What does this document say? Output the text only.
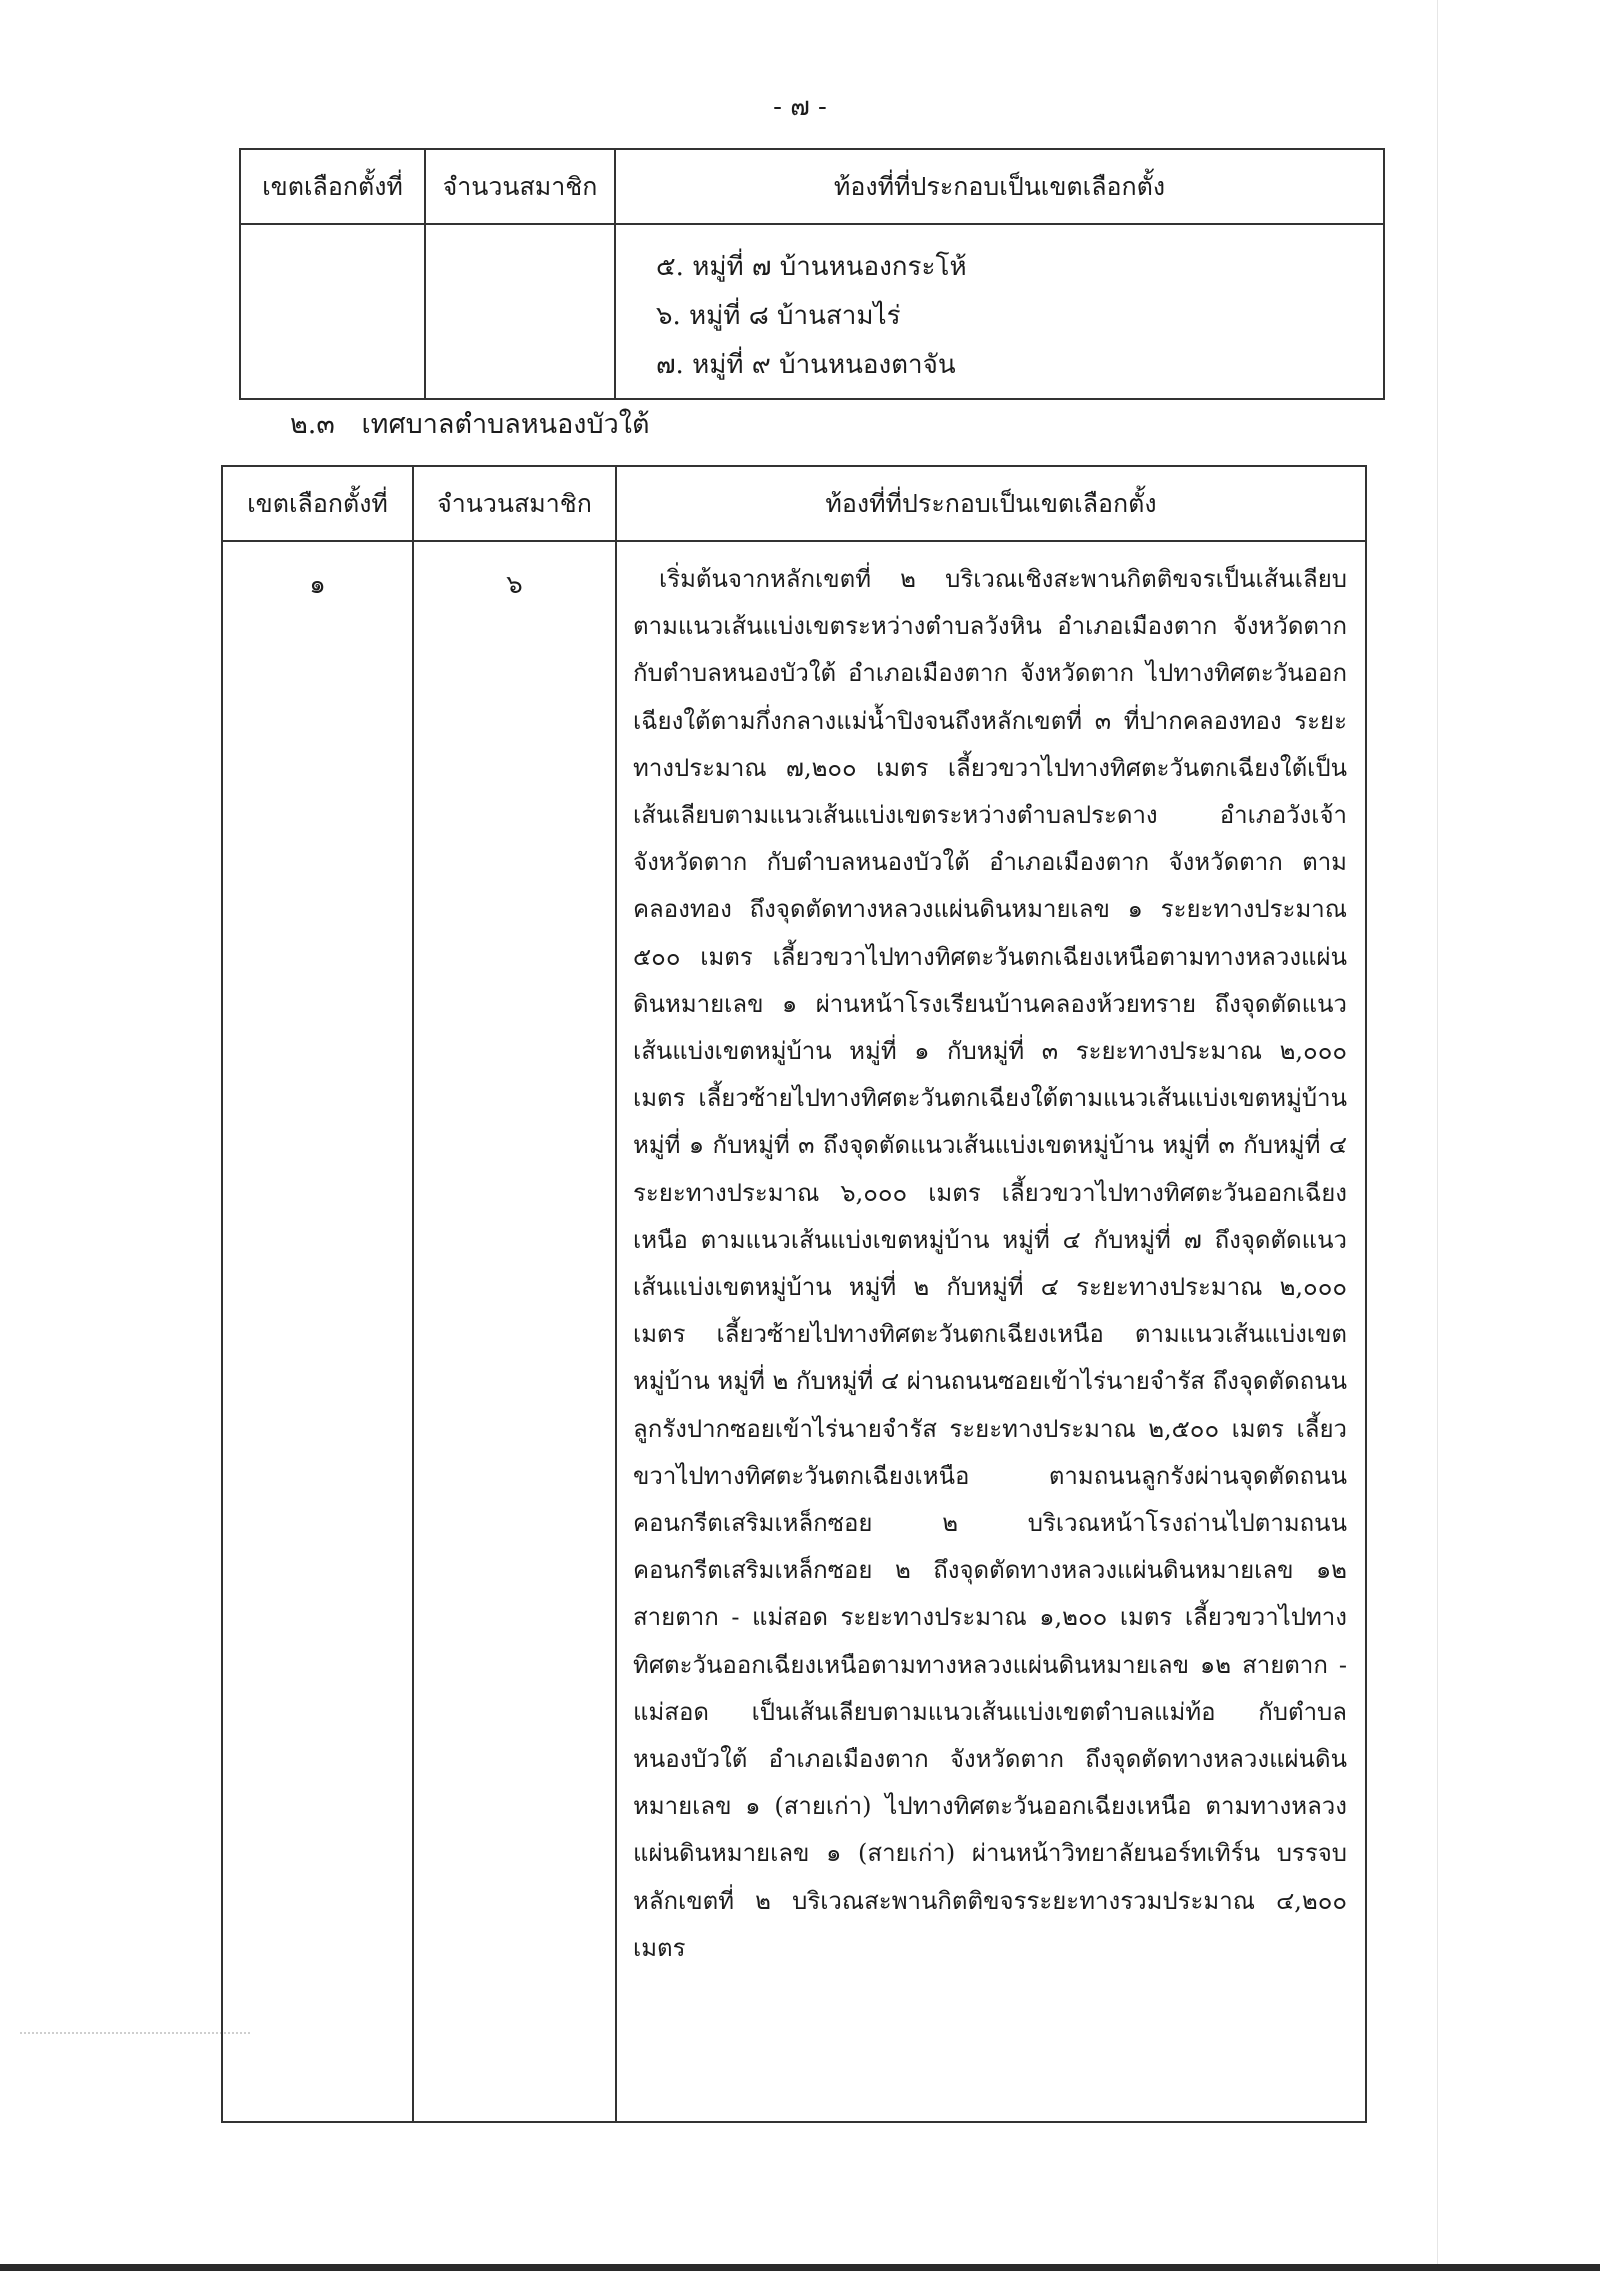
- ๗ -
เขตเลือกตั้งที่	จำนวนสมาชิก	ท้องที่ที่ประกอบเป็นเขตเลือกตั้ง

		๕. หมู่ที่ ๗ บ้านหนองกระโห้
๖. หมู่ที่ ๘ บ้านสามไร่
๗. หมู่ที่ ๙ บ้านหนองตาจัน
๒.๓ เทศบาลตำบลหนองบัวใต้
เขตเลือกตั้งที่	จำนวนสมาชิก	ท้องที่ที่ประกอบเป็นเขตเลือกตั้ง
๑	๖	เริ่มต้นจากหลักเขตที่ ๒ บริเวณเชิงสะพานกิตติขจรเป็นเส้นเลียบตามแนวเส้นแบ่งเขตระหว่างตำบลวังหิน อำเภอเมืองตาก จังหวัดตาก กับตำบลหนองบัวใต้ อำเภอเมืองตาก จังหวัดตาก ไปทางทิศตะวันออกเฉียงใต้ตามกึ่งกลางแม่น้ำปิงจนถึงหลักเขตที่ ๓ ที่ปากคลองทอง ระยะทางประมาณ ๗,๒๐๐ เมตร เลี้ยวขวาไปทางทิศตะวันตกเฉียงใต้เป็นเส้นเลียบตามแนวเส้นแบ่งเขตระหว่างตำบลประดาง อำเภอวังเจ้า จังหวัดตาก กับตำบลหนองบัวใต้ อำเภอเมืองตาก จังหวัดตาก ตามคลองทอง ถึงจุดตัดทางหลวงแผ่นดินหมายเลข ๑ ระยะทางประมาณ ๕๐๐ เมตร เลี้ยวขวาไปทางทิศตะวันตกเฉียงเหนือตามทางหลวงแผ่นดินหมายเลข ๑ ผ่านหน้าโรงเรียนบ้านคลองห้วยทราย ถึงจุดตัดแนวเส้นแบ่งเขตหมู่บ้าน หมู่ที่ ๑ กับหมู่ที่ ๓ ระยะทางประมาณ ๒,๐๐๐ เมตร เลี้ยวซ้ายไปทางทิศตะวันตกเฉียงใต้ตามแนวเส้นแบ่งเขตหมู่บ้าน หมู่ที่ ๑ กับหมู่ที่ ๓ ถึงจุดตัดแนวเส้นแบ่งเขตหมู่บ้าน หมู่ที่ ๓ กับหมู่ที่ ๔ ระยะทางประมาณ ๖,๐๐๐ เมตร เลี้ยวขวาไปทางทิศตะวันออกเฉียงเหนือ ตามแนวเส้นแบ่งเขตหมู่บ้าน หมู่ที่ ๔ กับหมู่ที่ ๗ ถึงจุดตัดแนวเส้นแบ่งเขตหมู่บ้าน หมู่ที่ ๒ กับหมู่ที่ ๔ ระยะทางประมาณ ๒,๐๐๐ เมตร เลี้ยวซ้ายไปทางทิศตะวันตกเฉียงเหนือ ตามแนวเส้นแบ่งเขตหมู่บ้าน หมู่ที่ ๒ กับหมู่ที่ ๔ ผ่านถนนซอยเข้าไร่นายจำรัส ถึงจุดตัดถนนลูกรังปากซอยเข้าไร่นายจำรัส ระยะทางประมาณ ๒,๕๐๐ เมตร เลี้ยวขวาไปทางทิศตะวันตกเฉียงเหนือ ตามถนนลูกรังผ่านจุดตัดถนนคอนกรีตเสริมเหล็กซอย ๒ บริเวณหน้าโรงถ่านไปตามถนนคอนกรีตเสริมเหล็กซอย ๒ ถึงจุดตัดทางหลวงแผ่นดินหมายเลข ๑๒ สายตาก - แม่สอด ระยะทางประมาณ ๑,๒๐๐ เมตร เลี้ยวขวาไปทางทิศตะวันออกเฉียงเหนือตามทางหลวงแผ่นดินหมายเลข ๑๒ สายตาก - แม่สอด เป็นเส้นเลียบตามแนวเส้นแบ่งเขตตำบลแม่ท้อ กับตำบลหนองบัวใต้ อำเภอเมืองตาก จังหวัดตาก ถึงจุดตัดทางหลวงแผ่นดินหมายเลข ๑ (สายเก่า) ไปทางทิศตะวันออกเฉียงเหนือ ตามทางหลวงแผ่นดินหมายเลข ๑ (สายเก่า) ผ่านหน้าวิทยาลัยนอร์ทเทิร์น บรรจบหลักเขตที่ ๒ บริเวณสะพานกิตติขจรระยะทางรวมประมาณ ๔,๒๐๐ เมตร
